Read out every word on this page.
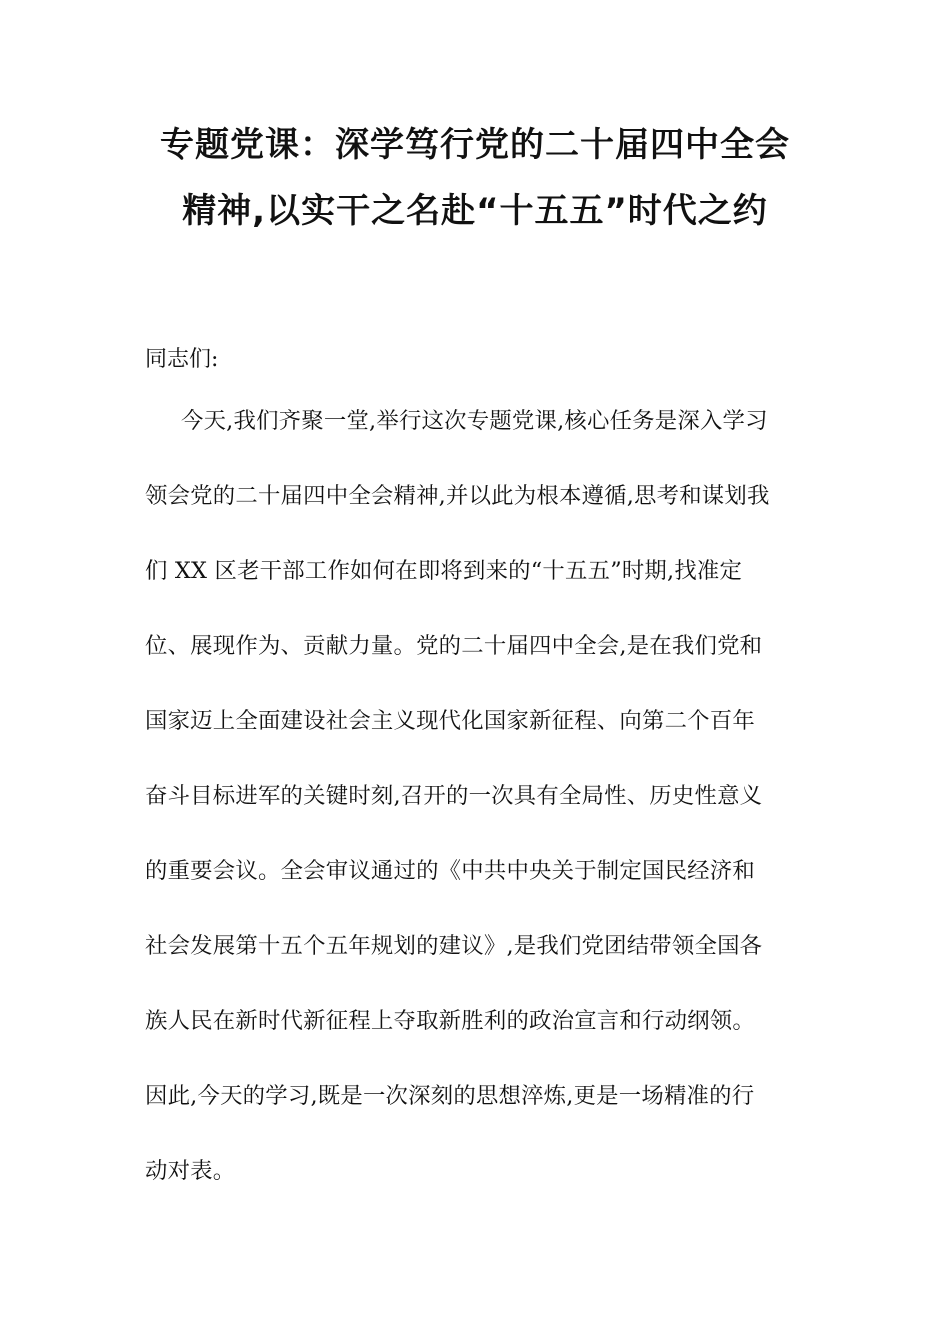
专题党课：深学笃行党的二十届四中全会
精神,以实干之名赴“十五五”时代之约

同志们:

今天,我们齐聚一堂,举行这次专题党课,核心任务是深入学习
领会党的二十届四中全会精神,并以此为根本遵循,思考和谋划我
们 XX 区老干部工作如何在即将到来的“十五五”时期,找准定
位、展现作为、贡献力量。党的二十届四中全会,是在我们党和
国家迈上全面建设社会主义现代化国家新征程、向第二个百年
奋斗目标进军的关键时刻,召开的一次具有全局性、历史性意义
的重要会议。全会审议通过的《中共中央关于制定国民经济和
社会发展第十五个五年规划的建议》,是我们党团结带领全国各
族人民在新时代新征程上夺取新胜利的政治宣言和行动纲领。
因此,今天的学习,既是一次深刻的思想淬炼,更是一场精准的行
动对表。
